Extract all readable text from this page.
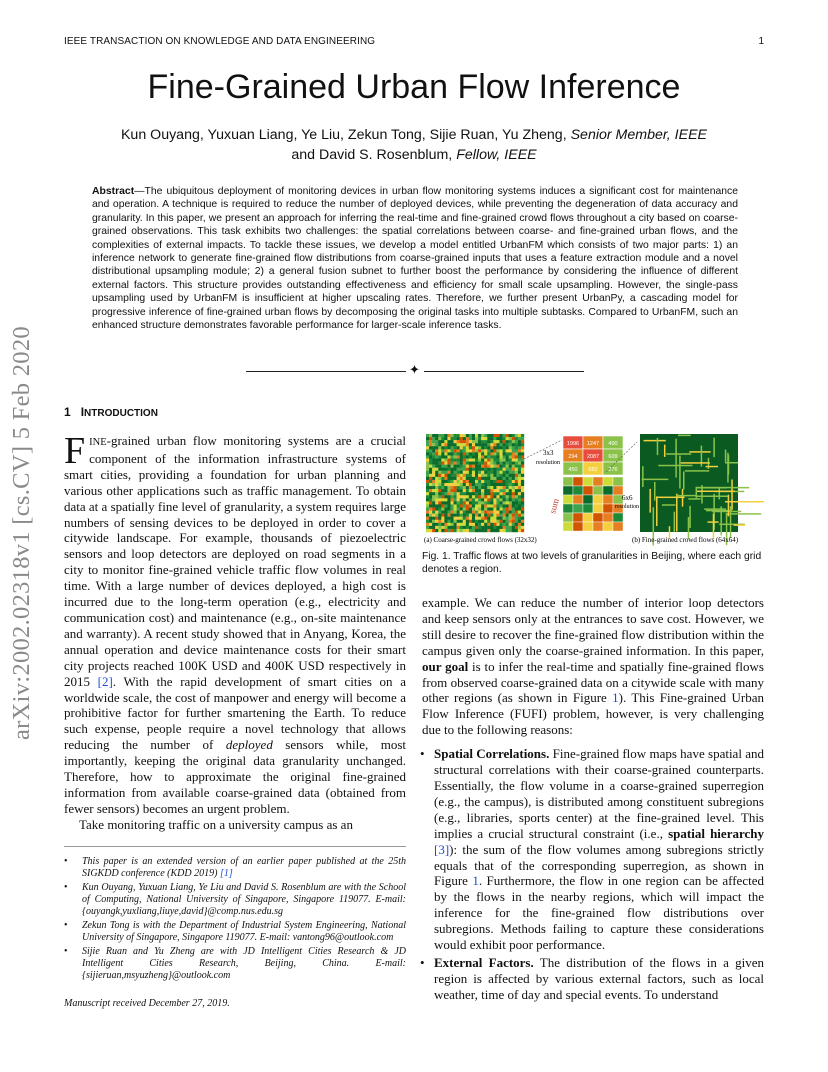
IEEE TRANSACTION ON KNOWLEDGE AND DATA ENGINEERING	1
Fine-Grained Urban Flow Inference
Kun Ouyang, Yuxuan Liang, Ye Liu, Zekun Tong, Sijie Ruan, Yu Zheng, Senior Member, IEEE
and David S. Rosenblum, Fellow, IEEE
Abstract—The ubiquitous deployment of monitoring devices in urban flow monitoring systems induces a significant cost for maintenance and operation. A technique is required to reduce the number of deployed devices, while preventing the degeneration of data accuracy and granularity. In this paper, we present an approach for inferring the real-time and fine-grained crowd flows throughout a city based on coarse-grained observations. This task exhibits two challenges: the spatial correlations between coarse- and fine-grained urban flows, and the complexities of external impacts. To tackle these issues, we develop a model entitled UrbanFM which consists of two major parts: 1) an inference network to generate fine-grained flow distributions from coarse-grained inputs that uses a feature extraction module and a novel distributional upsampling module; 2) a general fusion subnet to further boost the performance by considering the influence of different external factors. This structure provides outstanding effectiveness and efficiency for small scale upsampling. However, the single-pass upsampling used by UrbanFM is insufficient at higher upscaling rates. Therefore, we further present UrbanPy, a cascading model for progressive inference of fine-grained urban flows by decomposing the original tasks into multiple subtasks. Compared to UrbanFM, such an enhanced structure demonstrates favorable performance for larger-scale inference tasks.
✦
arXiv:2002.02318v1 [cs.CV] 5 Feb 2020	1 INTRODUCTION
FINE-grained urban flow monitoring systems are a crucial component of the information infrastructure systems of smart cities, providing a foundation for urban planning and various other applications such as traffic management. To obtain data at a spatially fine level of granularity, a system requires large numbers of sensing devices to be deployed in order to cover a citywide landscape. For example, thousands of piezoelectric sensors and loop detectors are deployed on road segments in a city to monitor fine-grained vehicle traffic flow volumes in real time. With a large number of devices deployed, a high cost is incurred due to the long-term operation (e.g., electricity and communication cost) and maintenance (e.g., on-site maintenance and warranty). A recent study showed that in Anyang, Korea, the annual operation and device maintenance costs for their smart city projects reached 100K USD and 400K USD respectively in 2015 [2]. With the rapid development of smart cities on a worldwide scale, the cost of manpower and energy will become a prohibitive factor for further smartening the Earth. To reduce such expense, people require a novel technology that allows reducing the number of deployed sensors while, most importantly, keeping the original data granularity unchanged. Therefore, how to approximate the original fine-grained information from available coarse-grained data (obtained from fewer sensors) becomes an urgent problem.
Take monitoring traffic on a university campus as an
• This paper is an extended version of an earlier paper published at the 25th SIGKDD conference (KDD 2019) [1]
• Kun Ouyang, Yuxuan Liang, Ye Liu and David S. Rosenblum are with the School of Computing, National University of Singapore, Singapore 119077. E-mail:{ouyangk,yuxliang,liuye,david}@comp.nus.edu.sg
• Zekun Tong is with the Department of Industrial System Engineering, National University of Singapore, Singapore 119077. E-mail: vantong96@outlook.com
• Sijie Ruan and Yu Zheng are with JD Intelligent Cities Research & JD Intelligent Cities Research, Beijing, China. E-mail:{sijieruan,msyuzheng}@outlook.com
Manuscript received December 27, 2019.
1996 1247 490
294 2087 609
450 682 276
3x3
resolution
6x6
resolution
sum
(a) Coarse-grained crowd flows (32x32)	(b) Fine-grained crowd flows (64x64)
Fig. 1. Traffic flows at two levels of granularities in Beijing, where each grid denotes a region.
example. We can reduce the number of interior loop detectors and keep sensors only at the entrances to save cost. However, we still desire to recover the fine-grained flow distribution within the campus given only the coarse-grained information. In this paper, our goal is to infer the real-time and spatially fine-grained flows from observed coarse-grained data on a citywide scale with many other regions (as shown in Figure 1). This Fine-grained Urban Flow Inference (FUFI) problem, however, is very challenging due to the following reasons:
• Spatial Correlations. Fine-grained flow maps have spatial and structural correlations with their coarse-grained counterparts. Essentially, the flow volume in a coarse-grained superregion (e.g., the campus), is distributed among constituent subregions (e.g., libraries, sports center) at the fine-grained level. This implies a crucial structural constraint (i.e., spatial hierarchy [3]): the sum of the flow volumes among subregions strictly equals that of the corresponding superregion, as shown in Figure 1. Furthermore, the flow in one region can be affected by the flows in the nearby regions, which will impact the inference for the fine-grained flow distributions over subregions. Methods failing to capture these considerations would exhibit poor performance.
• External Factors. The distribution of the flows in a given region is affected by various external factors, such as local weather, time of day and special events. To understand
